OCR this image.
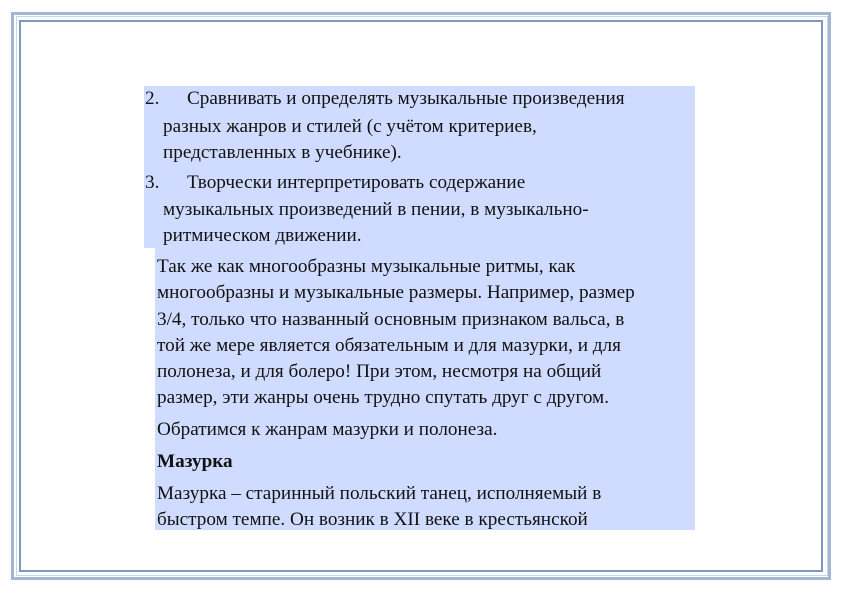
2. Сравнивать и определять музыкальные произведения
разных жанров и стилей (с учётом критериев,
представленных в учебнике).
3. Творчески интерпретировать содержание
музыкальных произведений в пении, в музыкально-
ритмическом движении.
Так же как многообразны музыкальные ритмы, как
многообразны и музыкальные размеры. Например, размер
3/4, только что названный основным признаком вальса, в
той же мере является обязательным и для мазурки, и для
полонеза, и для болеро! При этом, несмотря на общий
размер, эти жанры очень трудно спутать друг с другом.
Обратимся к жанрам мазурки и полонеза.
Мазурка
Мазурка – старинный польский танец, исполняемый в
быстром темпе. Он возник в XII веке в крестьянской
